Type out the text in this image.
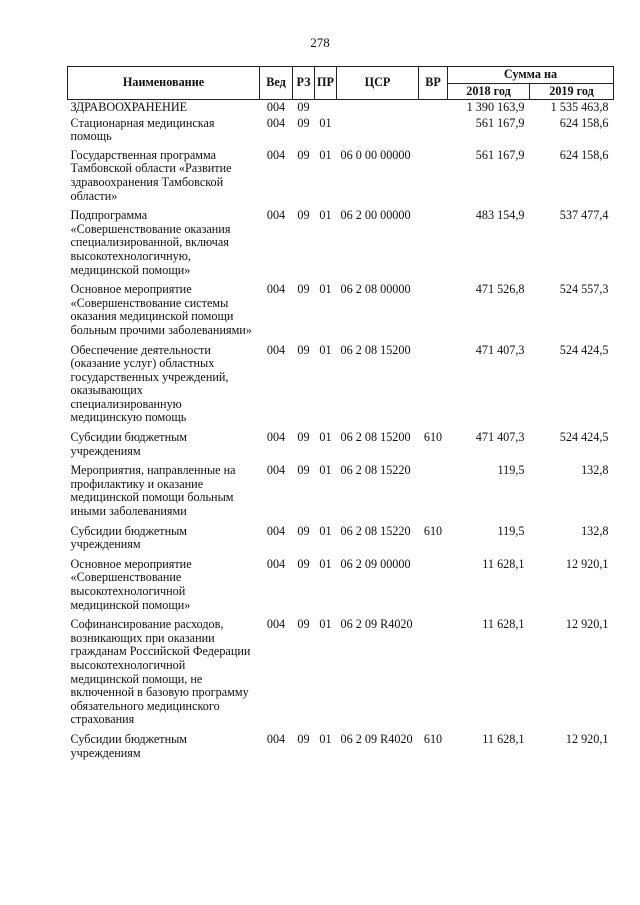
278
Наименование	Вед	РЗ	ПР	ЦСР	ВР	Сумма на	
						2018 год	2019 год
ЗДРАВООХРАНЕНИЕ	004	09				1 390 163,9	1 535 463,8
Стационарная медицинская помощь	004	09	01			561 167,9	624 158,6
Государственная программа Тамбовской области «Развитие здравоохранения Тамбовской области»	004	09	01	06 0 00 00000		561 167,9	624 158,6
Подпрограмма «Совершенствование оказания специализированной, включая высокотехнологичную, медицинской помощи»	004	09	01	06 2 00 00000		483 154,9	537 477,4
Основное мероприятие «Совершенствование системы оказания медицинской помощи больным прочими заболеваниями»	004	09	01	06 2 08 00000		471 526,8	524 557,3
Обеспечение деятельности (оказание услуг) областных государственных учреждений, оказывающих специализированную медицинскую помощь	004	09	01	06 2 08 15200		471 407,3	524 424,5
Субсидии бюджетным учреждениям	004	09	01	06 2 08 15200	610	471 407,3	524 424,5
Мероприятия, направленные на профилактику и оказание медицинской помощи больным иными заболеваниями	004	09	01	06 2 08 15220		119,5	132,8
Субсидии бюджетным учреждениям	004	09	01	06 2 08 15220	610	119,5	132,8
Основное мероприятие «Совершенствование высокотехнологичной медицинской помощи»	004	09	01	06 2 09 00000		11 628,1	12 920,1
Софинансирование расходов, возникающих при оказании гражданам Российской Федерации высокотехнологичной медицинской помощи, не включенной в базовую программу обязательного медицинского страхования	004	09	01	06 2 09 R4020		11 628,1	12 920,1
Субсидии бюджетным учреждениям	004	09	01	06 2 09 R4020	610	11 628,1	12 920,1
